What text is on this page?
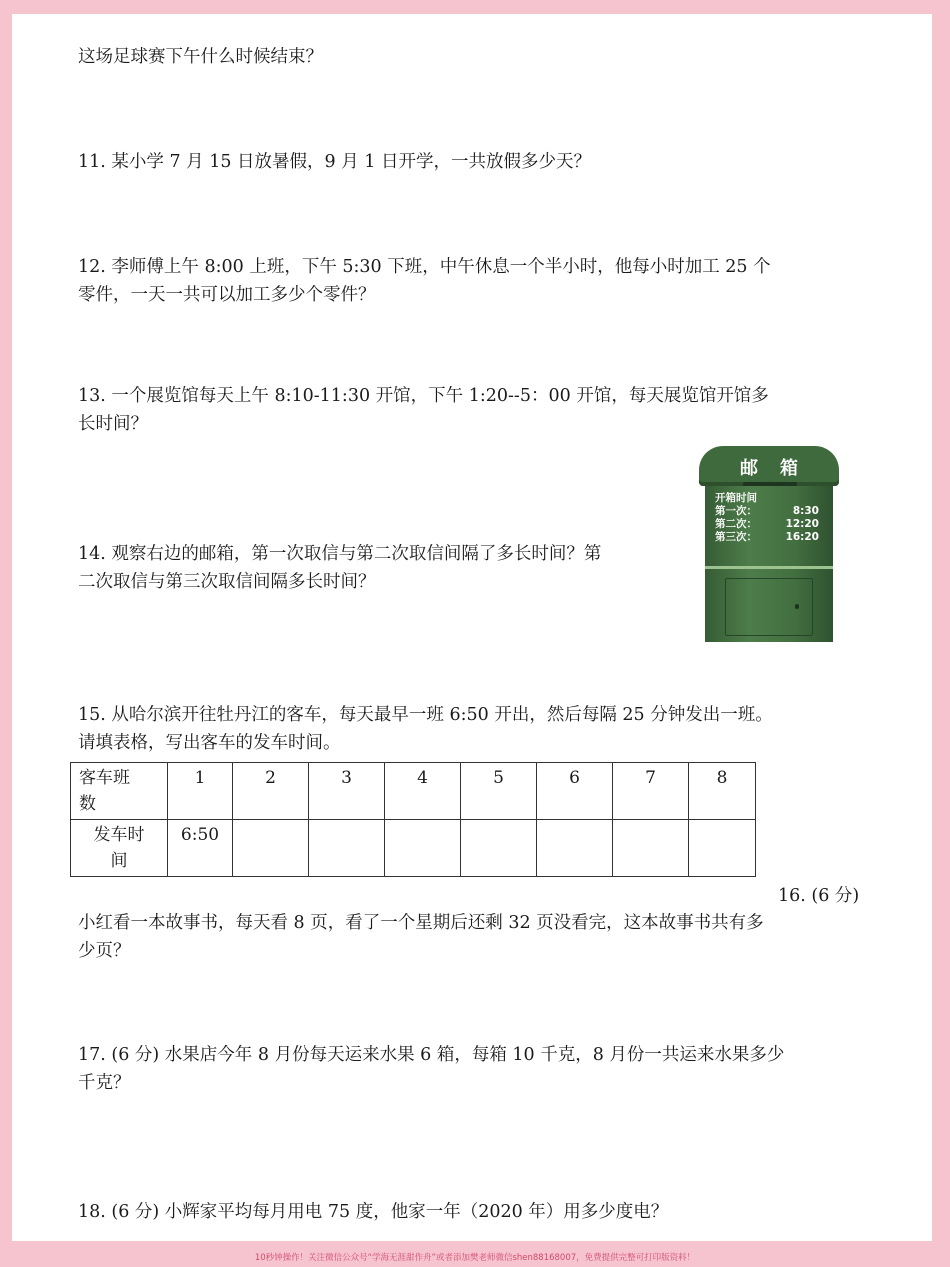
这场足球赛下午什么时候结束？
11. 某小学 7 月 15 日放暑假，9 月 1 日开学，一共放假多少天？
12. 李师傅上午 8:00 上班，下午 5:30 下班，中午休息一个半小时，他每小时加工 25 个
零件，一天一共可以加工多少个零件？
13. 一个展览馆每天上午 8:10-11:30 开馆，下午 1:20--5：00 开馆，每天展览馆开馆多
长时间？
14. 观察右边的邮箱，第一次取信与第二次取信间隔了多长时间？第
二次取信与第三次取信间隔多长时间？
邮箱
开箱时间
第一次：	8:30
第二次：	12:20
第三次：	16:20
15. 从哈尔滨开往牡丹江的客车，每天最早一班 6:50 开出，然后每隔 25 分钟发出一班。
请填表格，写出客车的发车时间。
客车班
数	1	2	3	4	5	6	7	8

发车时
间	6:50							
16. (6 分)
小红看一本故事书，每天看 8 页，看了一个星期后还剩 32 页没看完，这本故事书共有多
少页？
17. (6 分) 水果店今年 8 月份每天运来水果 6 箱，每箱 10 千克，8 月份一共运来水果多少
千克？
18. (6 分) 小辉家平均每月用电 75 度，他家一年（2020 年）用多少度电？
10秒钟操作！关注微信公众号“学海无涯甜作舟”或者添加樊老师微信shen88168007，免费提供完整可打印版资料！
